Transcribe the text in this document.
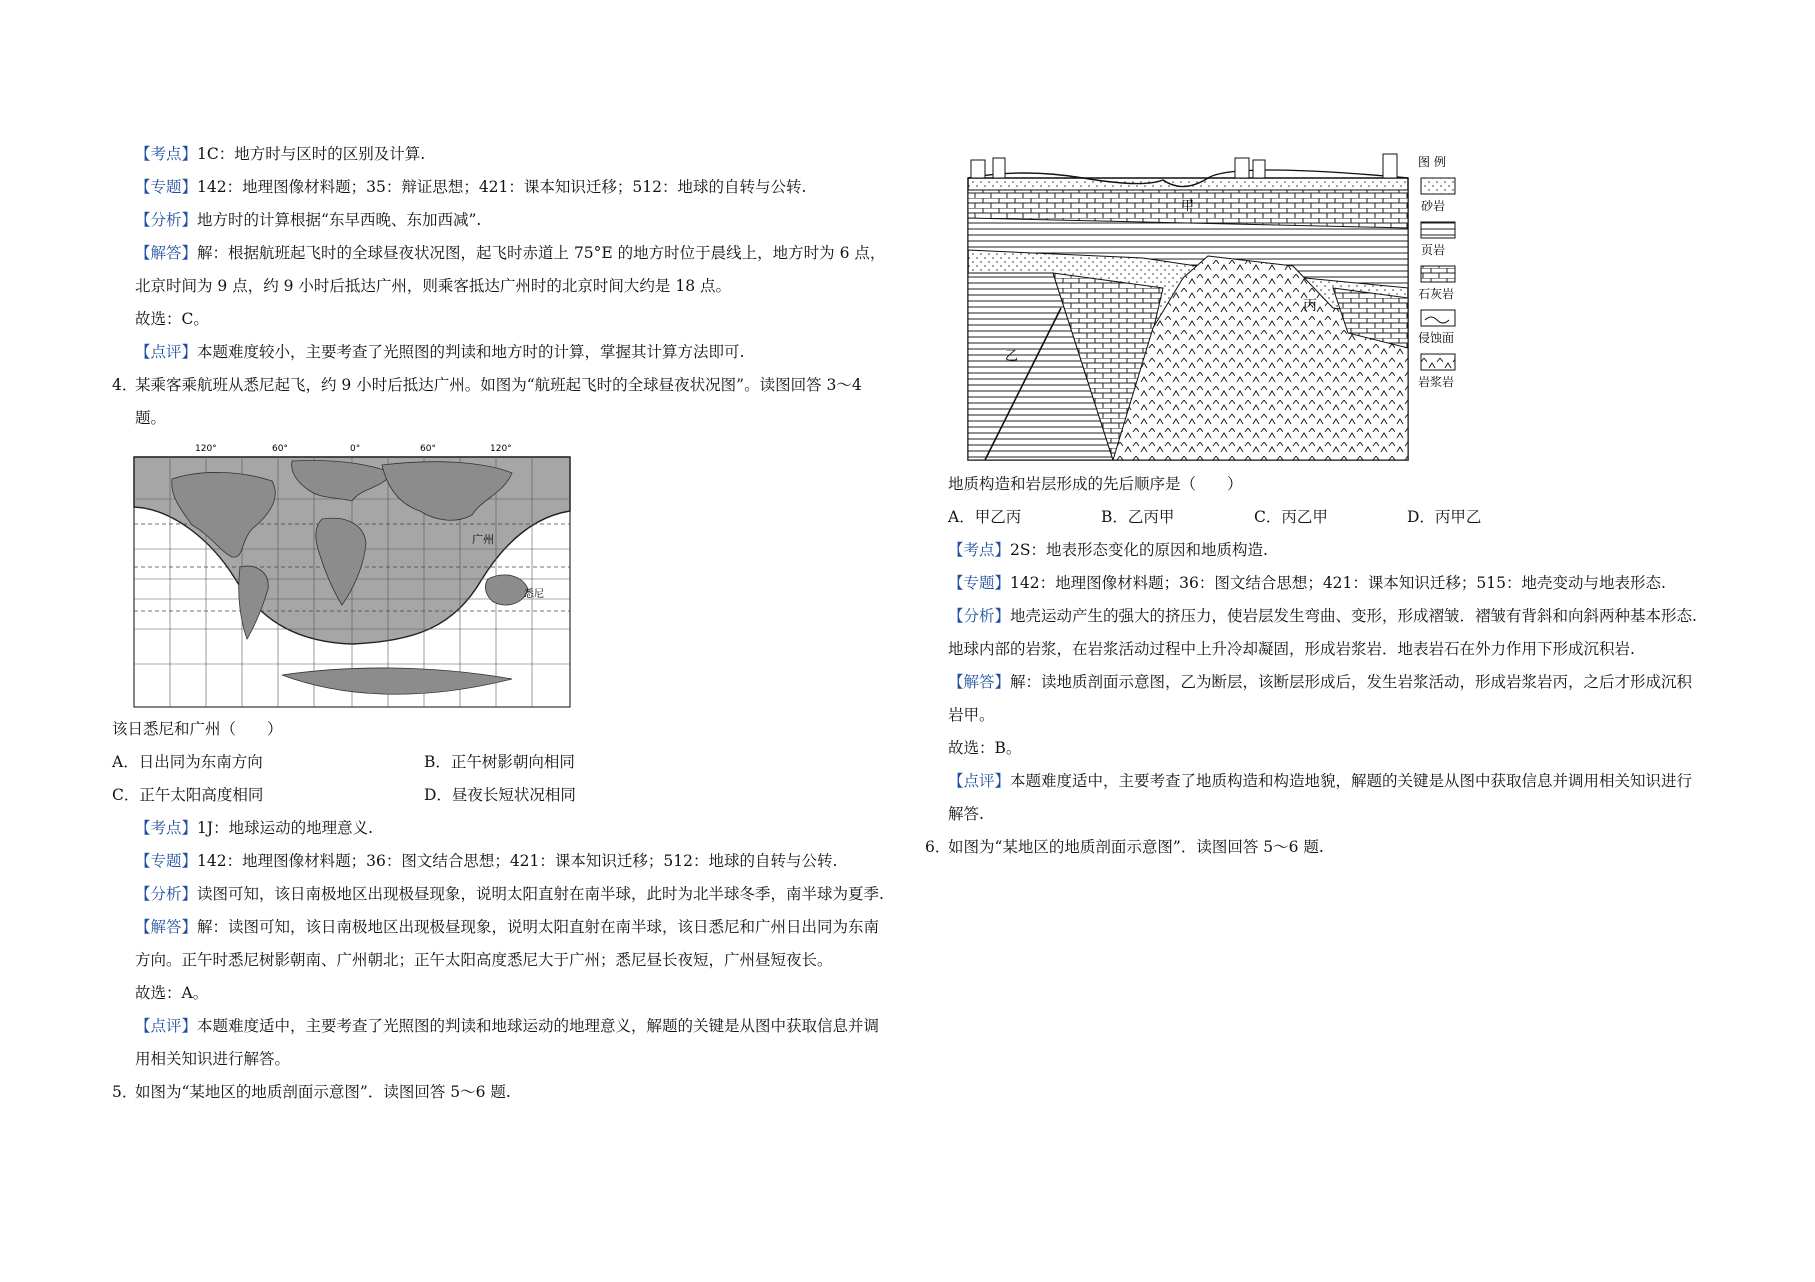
【考点】1C：地方时与区时的区别及计算.
【专题】142：地理图像材料题；35：辩证思想；421：课本知识迁移；512：地球的自转与公转.
【分析】地方时的计算根据“东早西晚、东加西减”.
【解答】解：根据航班起飞时的全球昼夜状况图，起飞时赤道上 75°E 的地方时位于晨线上，地方时为 6 点，
北京时间为 9 点，约 9 小时后抵达广州，则乘客抵达广州时的北京时间大约是 18 点。
故选：C。
【点评】本题难度较小，主要考查了光照图的判读和地方时的计算，掌握其计算方法即可.
4．某乘客乘航班从悉尼起飞，约 9 小时后抵达广州。如图为“航班起飞时的全球昼夜状况图”。读图回答 3～4
题。
120°	60°	0°	60°	120°
广州
悉尼
该日悉尼和广州（　　）
A．日出同为东南方向	B．正午树影朝向相同
C．正午太阳高度相同	D．昼夜长短状况相同
【考点】1J：地球运动的地理意义.
【专题】142：地理图像材料题；36：图文结合思想；421：课本知识迁移；512：地球的自转与公转.
【分析】读图可知，该日南极地区出现极昼现象，说明太阳直射在南半球，此时为北半球冬季，南半球为夏季.
【解答】解：读图可知，该日南极地区出现极昼现象，说明太阳直射在南半球，该日悉尼和广州日出同为东南
方向。正午时悉尼树影朝南、广州朝北；正午太阳高度悉尼大于广州；悉尼昼长夜短，广州昼短夜长。
故选：A。
【点评】本题难度适中，主要考查了光照图的判读和地球运动的地理意义，解题的关键是从图中获取信息并调
用相关知识进行解答。
5．如图为“某地区的地质剖面示意图”．读图回答 5～6 题.
甲
乙
丙
图 例
砂岩
页岩
石灰岩
侵蚀面
岩浆岩
地质构造和岩层形成的先后顺序是（　　）
A．甲乙丙	B．乙丙甲	C．丙乙甲	D．丙甲乙
【考点】2S：地表形态变化的原因和地质构造.
【专题】142：地理图像材料题；36：图文结合思想；421：课本知识迁移；515：地壳变动与地表形态.
【分析】地壳运动产生的强大的挤压力，使岩层发生弯曲、变形，形成褶皱．褶皱有背斜和向斜两种基本形态.
地球内部的岩浆，在岩浆活动过程中上升冷却凝固，形成岩浆岩．地表岩石在外力作用下形成沉积岩.
【解答】解：读地质剖面示意图，乙为断层，该断层形成后，发生岩浆活动，形成岩浆岩丙，之后才形成沉积
岩甲。
故选：B。
【点评】本题难度适中，主要考查了地质构造和构造地貌，解题的关键是从图中获取信息并调用相关知识进行
解答.
6．如图为“某地区的地质剖面示意图”．读图回答 5～6 题.
